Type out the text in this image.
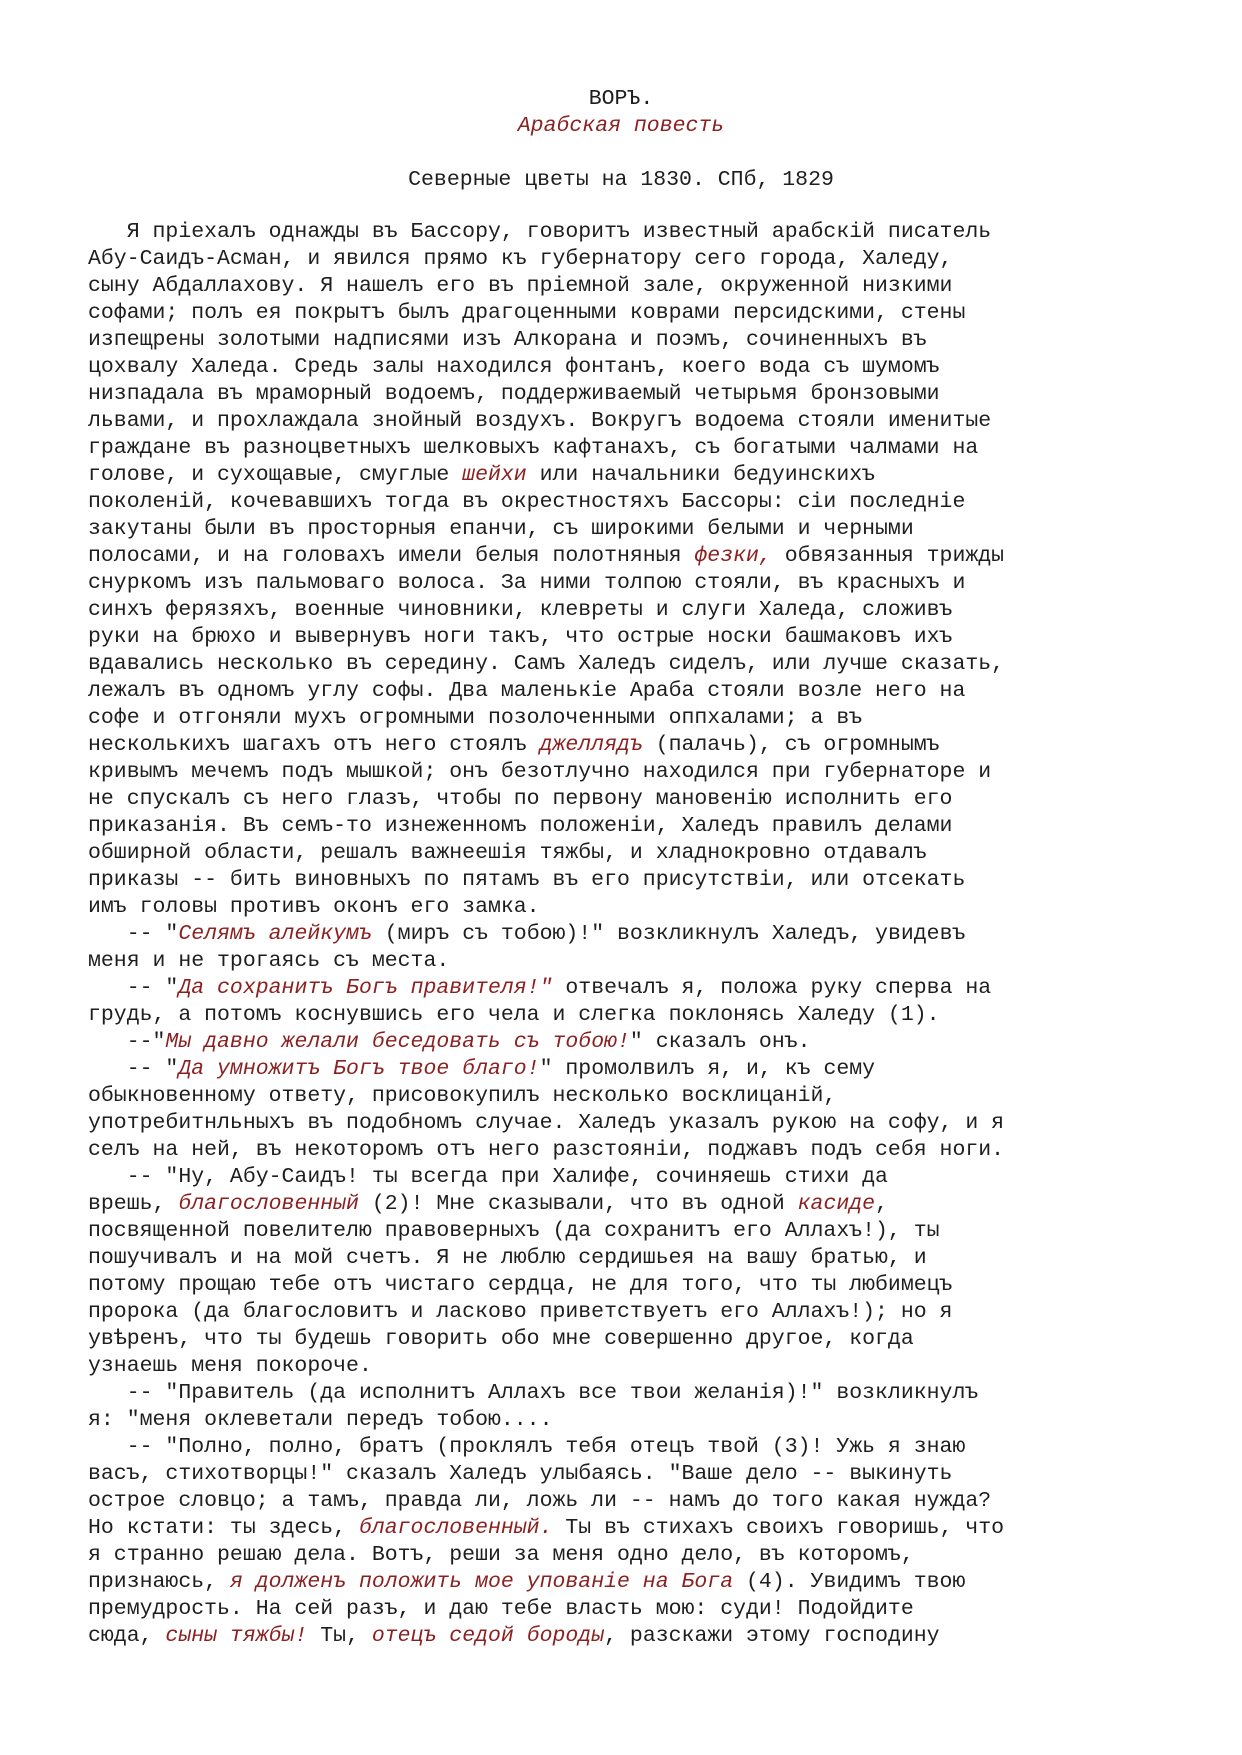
ВОРЪ.
Арабская повесть
Северные цветы на 1830. СПб, 1829
Я пріехалъ однажды въ Бассору, говоритъ известный арабскій писатель
Абу-Саидъ-Асман, и явился прямо къ губернатору сего города, Халеду,
сыну Абдаллахову. Я нашелъ его въ пріемной зале, окруженной низкими
софами; полъ ея покрытъ былъ драгоценными коврами персидскими, стены
изпещрены золотыми надписями изъ Алкорана и поэмъ, сочиненныхъ въ
цохвалу Халеда. Средь залы находился фонтанъ, коего вода съ шумомъ
низпадала въ мраморный водоемъ, поддерживаемый четырьмя бронзовыми
львами, и прохлаждала знойный воздухъ. Вокругъ водоема стояли именитые
граждане въ разноцветныхъ шелковыхъ кафтанахъ, съ богатыми чалмами на
голове, и сухощавые, смуглые шейхи или начальники бедуинскихъ
поколеній, кочевавшихъ тогда въ окрестностяхъ Бассоры: сіи последніе
закутаны были въ просторныя епанчи, съ широкими белыми и черными
полосами, и на головахъ имели белыя полотняныя фезки, обвязанныя трижды
снуркомъ изъ пальмоваго волоса. За ними толпою стояли, въ красныхъ и
синхъ ферязяхъ, военные чиновники, клевреты и слуги Халеда, сложивъ
руки на брюхо и вывернувъ ноги такъ, что острые носки башмаковъ ихъ
вдавались несколько въ середину. Самъ Халедъ сиделъ, или лучше сказать,
лежалъ въ одномъ углу софы. Два маленькіе Араба стояли возле него на
софе и отгоняли мухъ огромными позолоченными оппхалами; а въ
несколькихъ шагахъ отъ него стоялъ джеллядъ (палачь), съ огромнымъ
кривымъ мечемъ подъ мышкой; онъ безотлучно находился при губернаторе и
не спускалъ съ него глазъ, чтобы по первону мановенію исполнить его
приказанія. Въ семъ-то изнеженномъ положеніи, Халедъ правилъ делами
обширной области, решалъ важнеешія тяжбы, и хладнокровно отдавалъ
приказы -- бить виновныхъ по пятамъ въ его присутствіи, или отсекать
имъ головы противъ оконъ его замка.
-- "Селямъ алейкумъ (миръ съ тобою)!" возкликнулъ Халедъ, увидевъ
меня и не трогаясь съ места.
-- "Да сохранитъ Богъ правителя!" отвечалъ я, положа руку сперва на
грудь, а потомъ коснувшись его чела и слегка поклонясь Халеду (1).
--"Мы давно желали беседовать съ тобою!" сказалъ онъ.
-- "Да умножитъ Богъ твое благо!" промолвилъ я, и, къ сему
обыкновенному ответу, присовокупилъ несколько восклицаній,
употребитнльныхъ въ подобномъ случае. Халедъ указалъ рукою на софу, и я
селъ на ней, въ некоторомъ отъ него разстояніи, поджавъ подъ себя ноги.
-- "Ну, Абу-Саидъ! ты всегда при Халифе, сочиняешь стихи да
врешь, благословенный (2)! Мне сказывали, что въ одной касиде,
посвященной повелителю правоверныхъ (да сохранитъ его Аллахъ!), ты
пошучивалъ и на мой счетъ. Я не люблю сердишьея на вашу братью, и
потому прощаю тебе отъ чистаго сердца, не для того, что ты любимецъ
пророка (да благословитъ и ласково приветствуетъ его Аллахъ!); но я
увѣренъ, что ты будешь говорить обо мне совершенно другое, когда
узнаешь меня покороче.
-- "Правитель (да исполнитъ Аллахъ все твои желанія)!" возкликнулъ
я: "меня оклеветали передъ тобою....
-- "Полно, полно, братъ (проклялъ тебя отецъ твой (3)! Ужь я знаю
васъ, стихотворцы!" сказалъ Халедъ улыбаясь. "Ваше дело -- выкинуть
острое словцо; а тамъ, правда ли, ложь ли -- намъ до того какая нужда?
Но кстати: ты здесь, благословенный. Ты въ стихахъ своихъ говоришь, что
я странно решаю дела. Вотъ, реши за меня одно дело, въ которомъ,
признаюсь, я долженъ положить мое упованіе на Бога (4). Увидимъ твою
премудрость. На сей разъ, и даю тебе власть мою: суди! Подойдите
сюда, сыны тяжбы! Ты, отецъ седой бороды, разскажи этому господину
